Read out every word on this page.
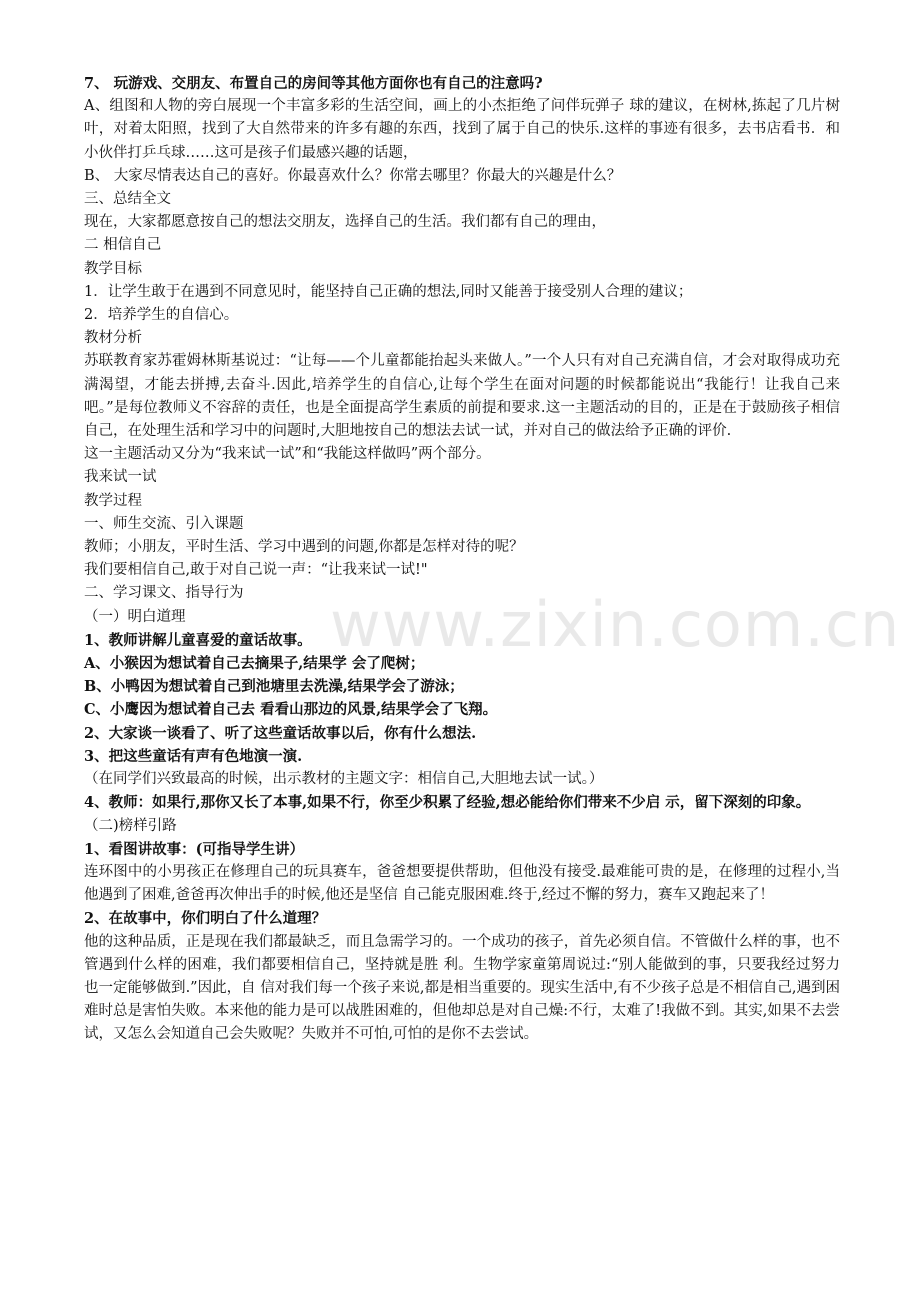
www.zixin.com.cn

7、 玩游戏、交朋友、布置自己的房间等其他方面你也有自己的注意吗?

A、组图和人物的旁白展现一个丰富多彩的生活空间，画上的小杰拒绝了问伴玩弹子 球的建议，在树林,拣起了几片树叶，对着太阳照，找到了大自然带来的许多有趣的东西，找到了属于自己的快乐.这样的事迹有很多，去书店看书．和小伙伴打乒乓球……这可是孩子们最感兴趣的话题，

B、 大家尽情表达自己的喜好。你最喜欢什么？你常去哪里？你最大的兴趣是什么？

三、总结全文

现在，大家都愿意按自己的想法交朋友，选择自己的生活。我们都有自己的理由，

二 相信自己

教学目标

1．让学生敢于在遇到不同意见时，能坚持自己正确的想法,同时又能善于接受别人合理的建议；

2．培养学生的自信心。

教材分析

苏联教育家苏霍姆林斯基说过：“让每——个儿童都能抬起头来做人。”一个人只有对自己充满自信，才会对取得成功充满渴望，才能去拼搏,去奋斗.因此,培养学生的自信心,让每个学生在面对问题的时候都能说出“我能行！让我自己来吧。”是每位教师义不容辞的责任，也是全面提高学生素质的前提和要求.这一主题活动的目的，正是在于鼓励孩子相信自己，在处理生活和学习中的问题时,大胆地按自己的想法去试一试，并对自己的做法给予正确的评价.

这一主题活动又分为“我来试一试”和“我能这样做吗”两个部分。

我来试一试

教学过程

一、师生交流、引入课题

教师；小朋友，平时生活、学习中遇到的问题,你都是怎样对待的呢？

我们要相信自己,敢于对自己说一声：“让我来试一试!"

二、学习课文、指导行为

（一）明白道理

1、教师讲解儿童喜爱的童话故事。

A、小猴因为想试着自己去摘果子,结果学 会了爬树；

B、小鸭因为想试着自己到池塘里去洗澡,结果学会了游泳；

C、小鹰因为想试着自己去 看看山那边的风景,结果学会了飞翔。

2、大家谈一谈看了、听了这些童话故事以后，你有什么想法.

3、把这些童话有声有色地演一演.

（在同学们兴致最高的时候，出示教材的主题文字：相信自己,大胆地去试一试。）

4、教师：如果行,那你又长了本事,如果不行，你至少积累了经验,想必能给你们带来不少启 示，留下深刻的印象。

（二)榜样引路

1、看图讲故事：(可指导学生讲）

连环图中的小男孩正在修理自己的玩具赛车，爸爸想要提供帮助，但他没有接受.最难能可贵的是，在修理的过程小,当他遇到了困难,爸爸再次伸出手的时候,他还是坚信 自己能克服困难.终于,经过不懈的努力，赛车又跑起来了！

2、在故事中，你们明白了什么道理？

他的这种品质，正是现在我们都最缺乏，而且急需学习的。一个成功的孩子，首先必须自信。不管做什么样的事，也不管遇到什么样的困难，我们都要相信自己，坚持就是胜 利。生物学家童第周说过:“别人能做到的事，只要我经过努力也一定能够做到.”因此，自 信对我们每一个孩子来说,都是相当重要的。现实生活中,有不少孩子总是不相信自己,遇到困 难时总是害怕失败。本来他的能力是可以战胜困难的，但他却总是对自己燥:不行，太难了!我做不到。其实,如果不去尝试，又怎么会知道自己会失败呢？失败并不可怕,可怕的是你不去尝试。
